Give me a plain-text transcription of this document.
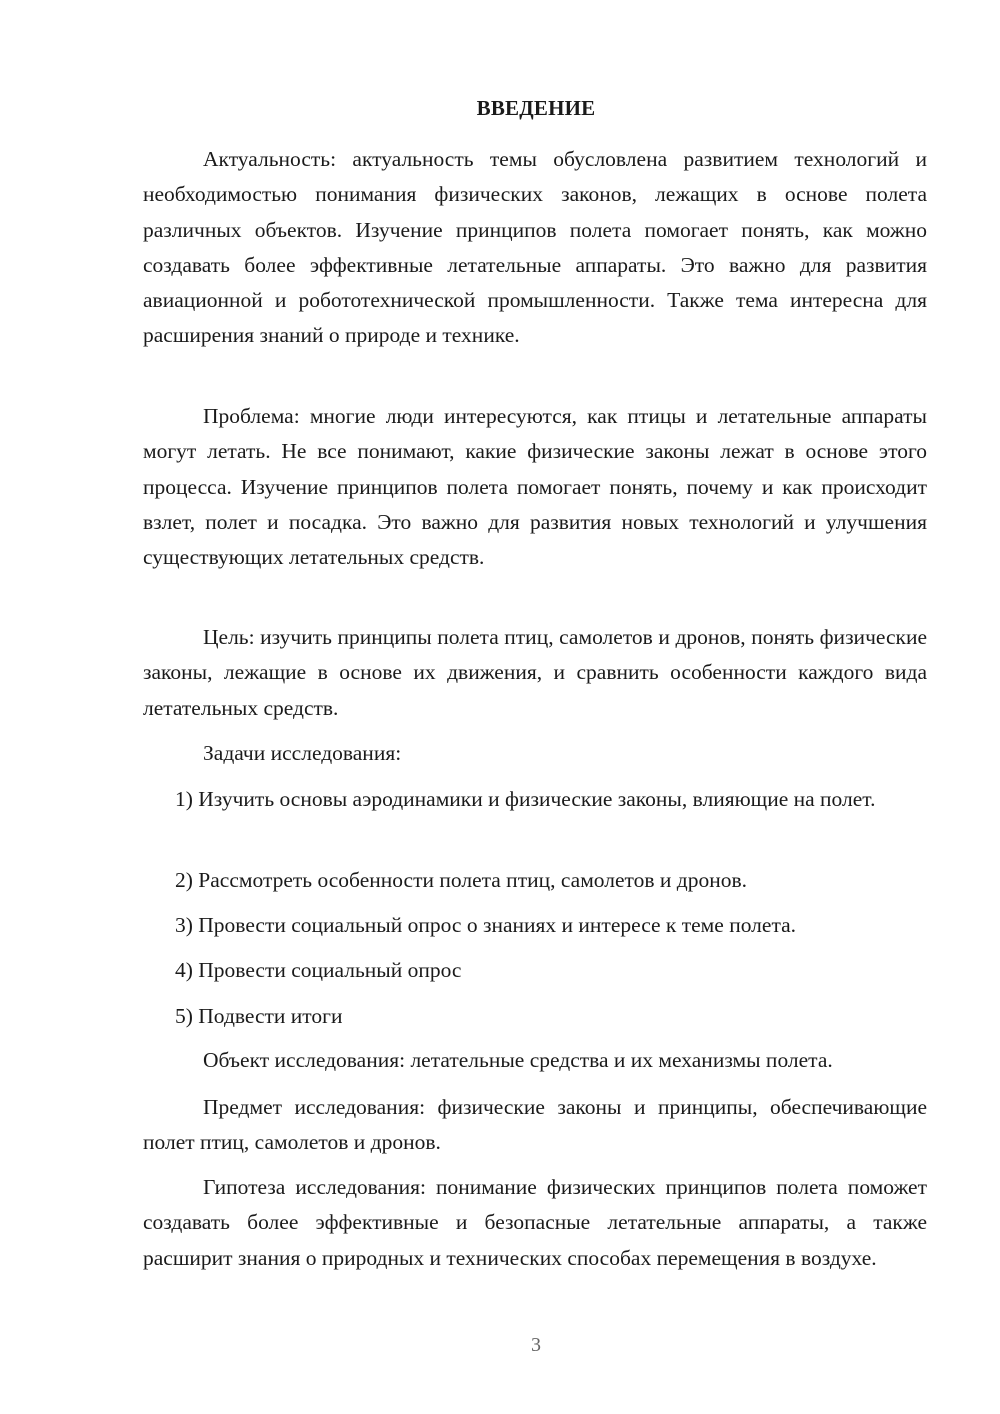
ВВЕДЕНИЕ

Актуальность: актуальность темы обусловлена развитием технологий и необходимостью понимания физических законов, лежащих в основе полета различных объектов. Изучение принципов полета помогает понять, как можно создавать более эффективные летательные аппараты. Это важно для развития авиационной и робототехнической промышленности. Также тема интересна для расширения знаний о природе и технике.

Проблема: многие люди интересуются, как птицы и летательные аппараты могут летать. Не все понимают, какие физические законы лежат в основе этого процесса. Изучение принципов полета помогает понять, почему и как происходит взлет, полет и посадка. Это важно для развития новых технологий и улучшения существующих летательных средств.

Цель: изучить принципы полета птиц, самолетов и дронов, понять физические законы, лежащие в основе их движения, и сравнить особенности каждого вида летательных средств.

Задачи исследования:

1) Изучить основы аэродинамики и физические законы, влияющие на полет.

2) Рассмотреть особенности полета птиц, самолетов и дронов.

3) Провести социальный опрос о знаниях и интересе к теме полета.

4) Провести социальный опрос

5) Подвести итоги

Объект исследования: летательные средства и их механизмы полета.

Предмет исследования: физические законы и принципы, обеспечивающие полет птиц, самолетов и дронов.

Гипотеза исследования: понимание физических принципов полета поможет создавать более эффективные и безопасные летательные аппараты, а также расширит знания о природных и технических способах перемещения в воздухе.

3
